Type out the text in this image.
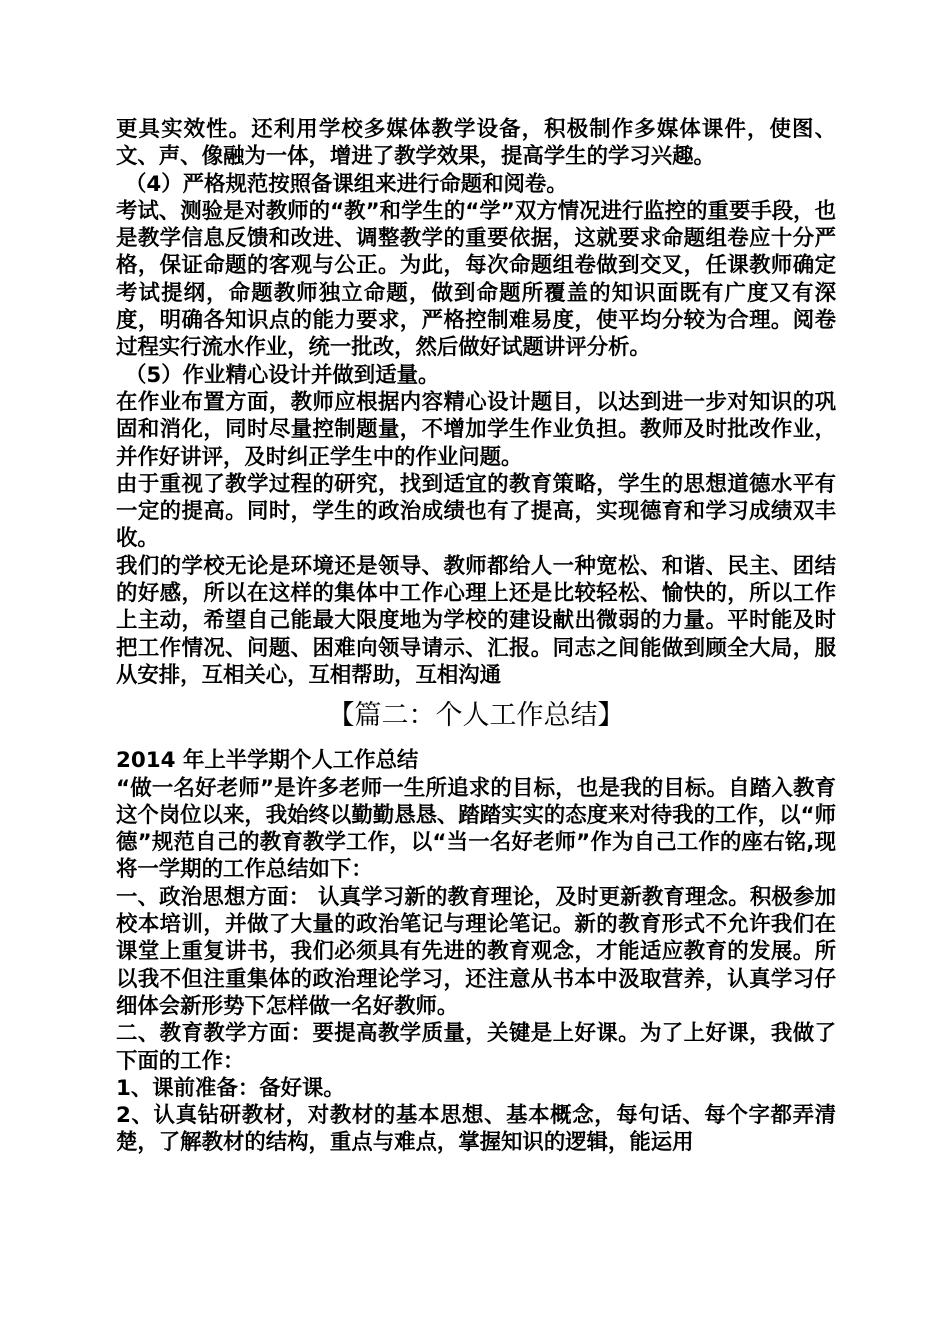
更具实效性。还利用学校多媒体教学设备，积极制作多媒体课件，使图、文、声、像融为一体，增进了教学效果，提高学生的学习兴趣。

（4）严格规范按照备课组来进行命题和阅卷。

考试、测验是对教师的“教”和学生的“学”双方情况进行监控的重要手段，也是教学信息反馈和改进、调整教学的重要依据，这就要求命题组卷应十分严格，保证命题的客观与公正。为此，每次命题组卷做到交叉，任课教师确定考试提纲，命题教师独立命题，做到命题所覆盖的知识面既有广度又有深度，明确各知识点的能力要求，严格控制难易度，使平均分较为合理。阅卷过程实行流水作业，统一批改，然后做好试题讲评分析。

（5）作业精心设计并做到适量。

在作业布置方面，教师应根据内容精心设计题目，以达到进一步对知识的巩固和消化，同时尽量控制题量，不增加学生作业负担。教师及时批改作业，并作好讲评，及时纠正学生中的作业问题。

由于重视了教学过程的研究，找到适宜的教育策略，学生的思想道德水平有一定的提高。同时，学生的政治成绩也有了提高，实现德育和学习成绩双丰收。

我们的学校无论是环境还是领导、教师都给人一种宽松、和谐、民主、团结的好感，所以在这样的集体中工作心理上还是比较轻松、愉快的，所以工作上主动，希望自己能最大限度地为学校的建设献出微弱的力量。平时能及时把工作情况、问题、困难向领导请示、汇报。同志之间能做到顾全大局，服从安排，互相关心，互相帮助，互相沟通

【篇二：个人工作总结】

2014 年上半学期个人工作总结

“做一名好老师”是许多老师一生所追求的目标，也是我的目标。自踏入教育这个岗位以来，我始终以勤勤恳恳、踏踏实实的态度来对待我的工作，以“师德”规范自己的教育教学工作，以“当一名好老师”作为自己工作的座右铭,现将一学期的工作总结如下：

一、政治思想方面： 认真学习新的教育理论，及时更新教育理念。积极参加校本培训，并做了大量的政治笔记与理论笔记。新的教育形式不允许我们在课堂上重复讲书，我们必须具有先进的教育观念，才能适应教育的发展。所以我不但注重集体的政治理论学习，还注意从书本中汲取营养，认真学习仔细体会新形势下怎样做一名好教师。

二、教育教学方面：要提高教学质量，关键是上好课。为了上好课，我做了下面的工作：

1、课前准备：备好课。

2、认真钻研教材，对教材的基本思想、基本概念，每句话、每个字都弄清楚，了解教材的结构，重点与难点，掌握知识的逻辑，能运用
